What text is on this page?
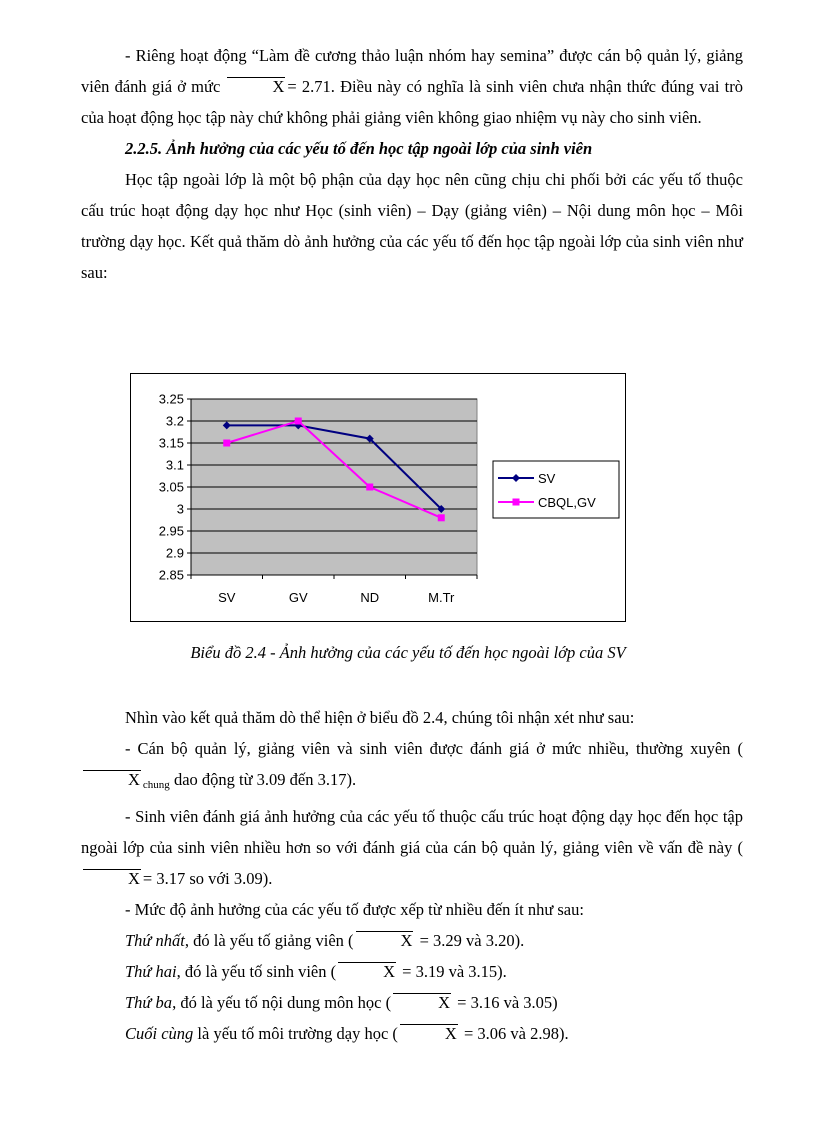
- Riêng hoạt động “Làm đề cương thảo luận nhóm hay semina” được cán bộ quản lý, giảng viên đánh giá ở mức	X = 2.71. Điều này có nghĩa là sinh viên chưa nhận thức đúng vai trò của hoạt động học tập này chứ không phải giảng viên không giao nhiệm vụ này cho sinh viên.

2.2.5. Ảnh hưởng của các yếu tố đến học tập ngoài lớp của sinh viên

Học tập ngoài lớp là một bộ phận của dạy học nên cũng chịu chi phối bởi các yếu tố thuộc cấu trúc hoạt động dạy học như Học (sinh viên) – Dạy (giảng viên) – Nội dung môn học – Môi trường dạy học. Kết quả thăm dò ảnh hưởng của các yếu tố đến học tập ngoài lớp của sinh viên như sau:

3.25
3.2
3.15
3.1
3.05
3
2.95
2.9
2.85
SV	GV	ND	M.Tr
SV
CBQL,GV
Biểu đồ 2.4 - Ảnh hưởng của các yếu tố đến học ngoài lớp của SV

Nhìn vào kết quả thăm dò thể hiện ở biểu đồ 2.4, chúng tôi nhận xét như sau:

- Cán bộ quản lý, giảng viên và sinh viên được đánh giá ở mức nhiều, thường xuyên (X chung dao động từ 3.09 đến 3.17).

- Sinh viên đánh giá ảnh hưởng của các yếu tố thuộc cấu trúc hoạt động dạy học đến học tập ngoài lớp của sinh viên nhiều hơn so với đánh giá của cán bộ quản lý, giảng viên về vấn đề này (X = 3.17 so với 3.09).

- Mức độ ảnh hưởng của các yếu tố được xếp từ nhiều đến ít như sau:

Thứ nhất, đó là yếu tố giảng viên (	X = 3.29 và 3.20).

Thứ hai, đó là yếu tố sinh viên (	X = 3.19 và 3.15).

Thứ ba, đó là yếu tố nội dung môn học (	X = 3.16 và 3.05)

Cuối cùng là yếu tố môi trường dạy học (	X = 3.06 và 2.98).
